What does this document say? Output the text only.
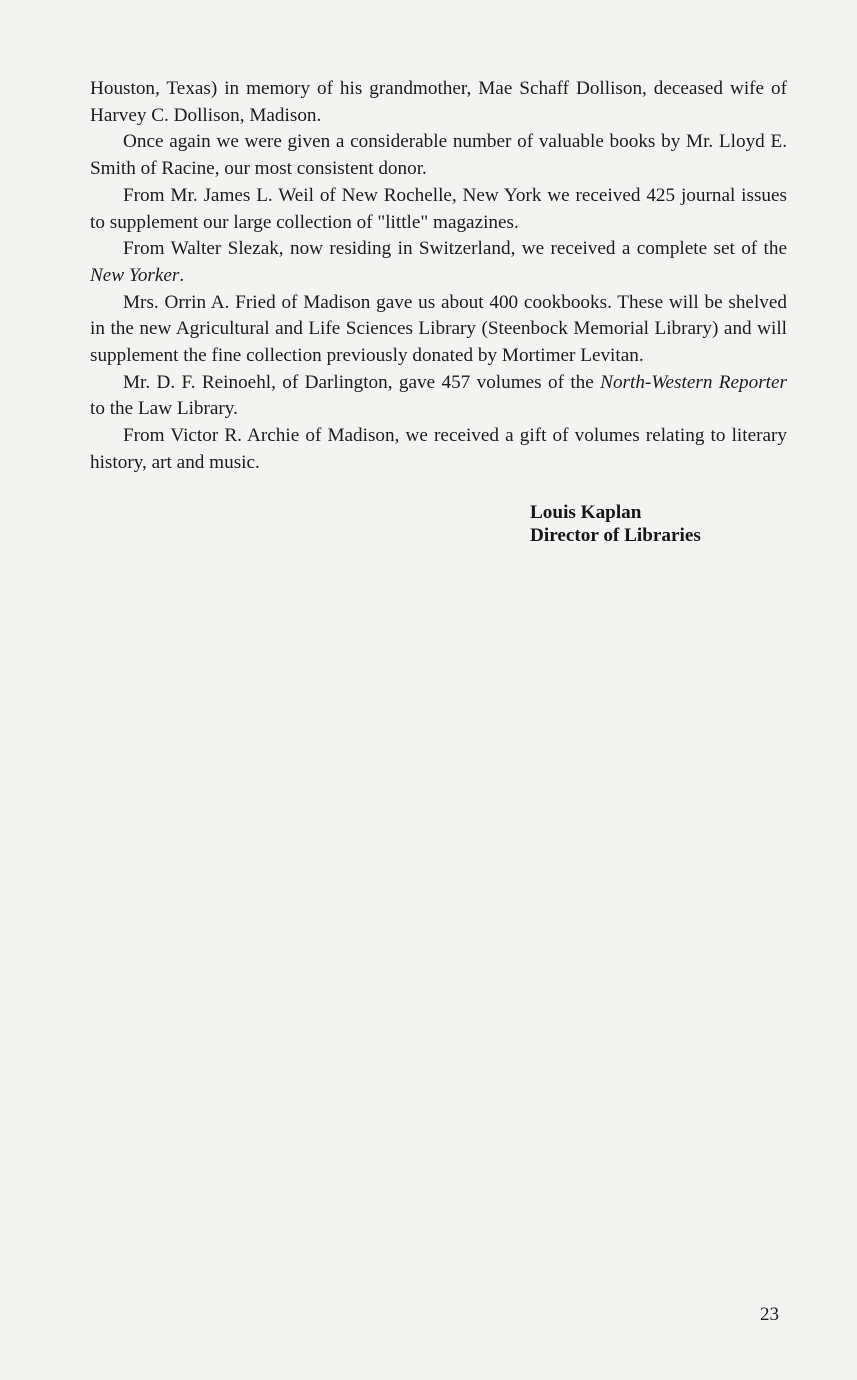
Houston, Texas) in memory of his grandmother, Mae Schaff Dollison, deceased wife of Harvey C. Dollison, Madison.

Once again we were given a considerable number of valuable books by Mr. Lloyd E. Smith of Racine, our most consistent donor.

From Mr. James L. Weil of New Rochelle, New York we received 425 journal issues to supplement our large collection of "little" magazines.

From Walter Slezak, now residing in Switzerland, we received a complete set of the New Yorker.

Mrs. Orrin A. Fried of Madison gave us about 400 cookbooks. These will be shelved in the new Agricultural and Life Sciences Library (Steenbock Memorial Library) and will supplement the fine collection previously donated by Mortimer Levitan.

Mr. D. F. Reinoehl, of Darlington, gave 457 volumes of the North-Western Reporter to the Law Library.

From Victor R. Archie of Madison, we received a gift of volumes relating to literary history, art and music.

Louis Kaplan
Director of Libraries
23
